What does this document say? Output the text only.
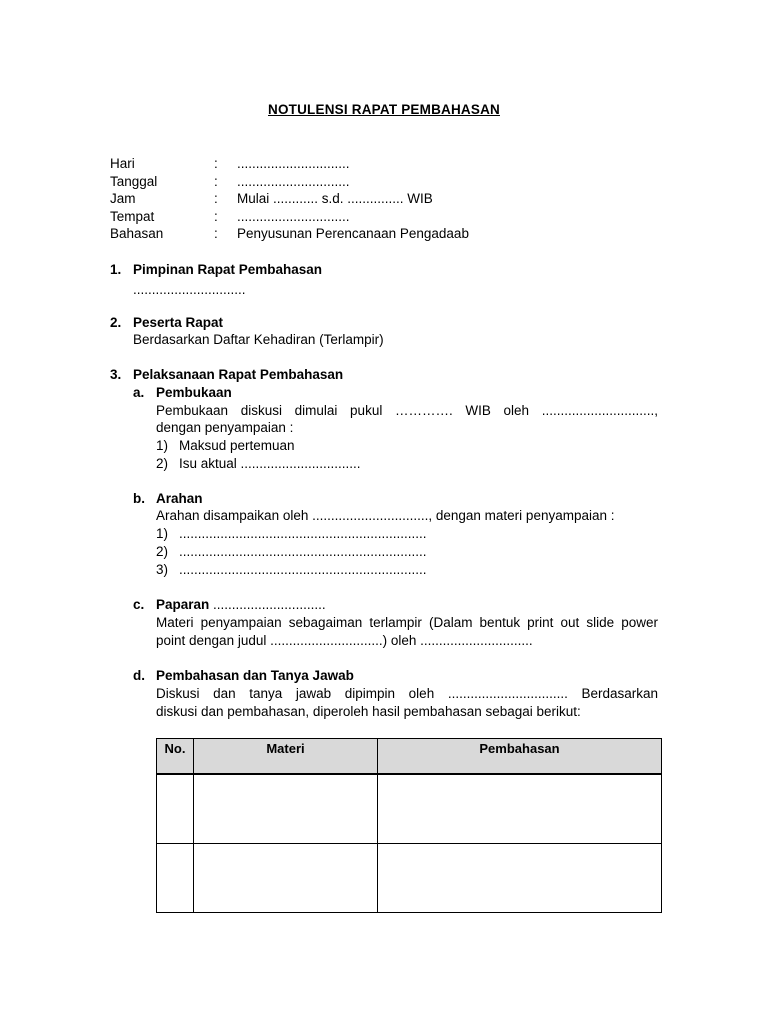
NOTULENSI RAPAT PEMBAHASAN
Hari	: ..............................
Tanggal	: ..............................
Jam	: Mulai ............ s.d. ............... WIB
Tempat	: ..............................
Bahasan	: Penyusunan Perencanaan Pengadaab
1. Pimpinan Rapat Pembahasan
..............................
2. Peserta Rapat
Berdasarkan Daftar Kehadiran (Terlampir)
3. Pelaksanaan Rapat Pembahasan
a. Pembukaan
Pembukaan diskusi dimulai pukul …………. WIB oleh ..............................,
dengan penyampaian :
1) Maksud pertemuan
2) Isu aktual ................................
b. Arahan
Arahan disampaikan oleh ..............................., dengan materi penyampaian :
1) ..................................................................
2) ..................................................................
3) ..................................................................
c. Paparan ..............................
Materi penyampaian sebagaiman terlampir (Dalam bentuk print out slide power
point dengan judul ..............................) oleh ..............................
d. Pembahasan dan Tanya Jawab
Diskusi dan tanya jawab dipimpin oleh ................................ Berdasarkan
diskusi dan pembahasan, diperoleh hasil pembahasan sebagai berikut:
No.	Materi	Pembahasan
